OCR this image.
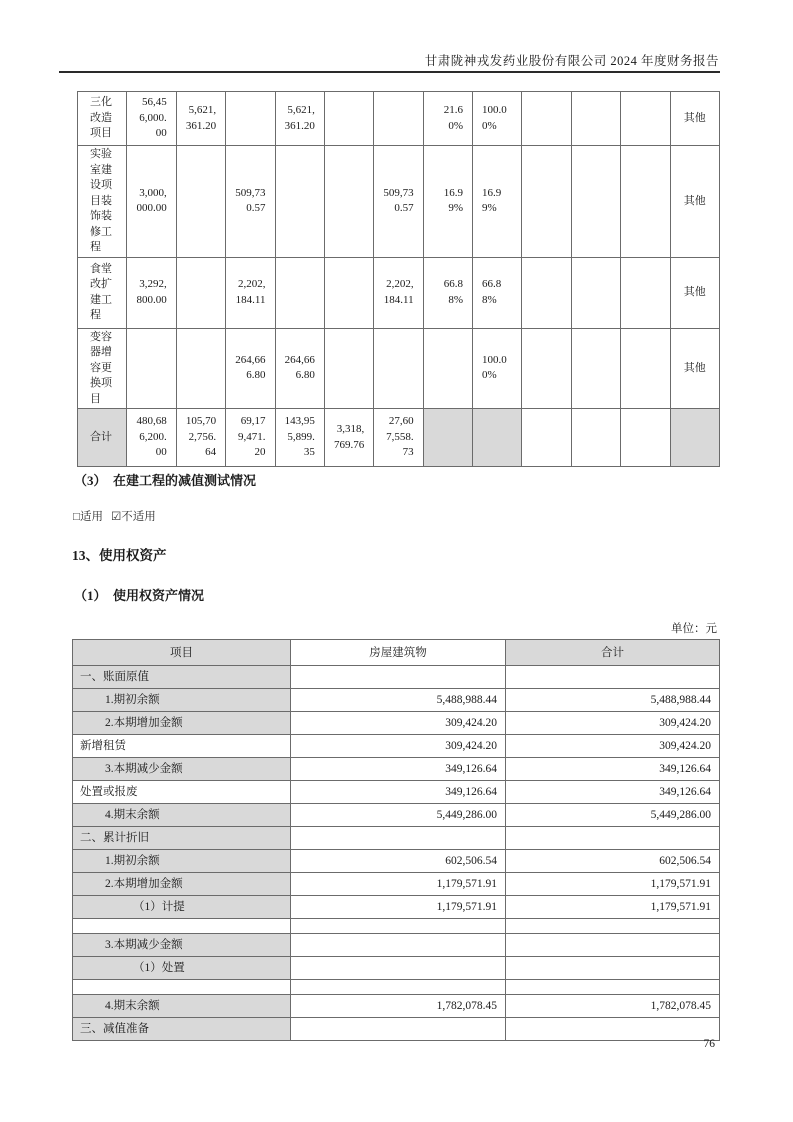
甘肃陇神戎发药业股份有限公司 2024 年度财务报告
三化改造项目	56,456,000.00	5,621,361.20		5,621,361.20			21.60%	100.00%				其他
实验室建设项目装饰装修工程	3,000,000.00		509,730.57			509,730.57	16.99%	16.99%				其他
食堂改扩建工程	3,292,800.00		2,202,184.11			2,202,184.11	66.88%	66.88%				其他
变容器增容更换项目			264,666.80	264,666.80				100.00%				其他
合计	480,686,200.00	105,702,756.64	69,179,471.20	143,955,899.35	3,318,769.76	27,607,558.73						
（3）　在建工程的减值测试情况
□适用 ☑不适用
13、使用权资产
（1）　使用权资产情况
单位：元
项目	房屋建筑物	合计
一、账面原值		
1.期初余额	5,488,988.44	5,488,988.44
2.本期增加金额	309,424.20	309,424.20
新增租赁	309,424.20	309,424.20
3.本期减少金额	349,126.64	349,126.64
处置或报废	349,126.64	349,126.64
4.期末余额	5,449,286.00	5,449,286.00
二、累计折旧		
1.期初余额	602,506.54	602,506.54
2.本期增加金额	1,179,571.91	1,179,571.91
（1）计提	1,179,571.91	1,179,571.91

3.本期减少金额		
（1）处置		

4.期末余额	1,782,078.45	1,782,078.45
三、减值准备		
76
